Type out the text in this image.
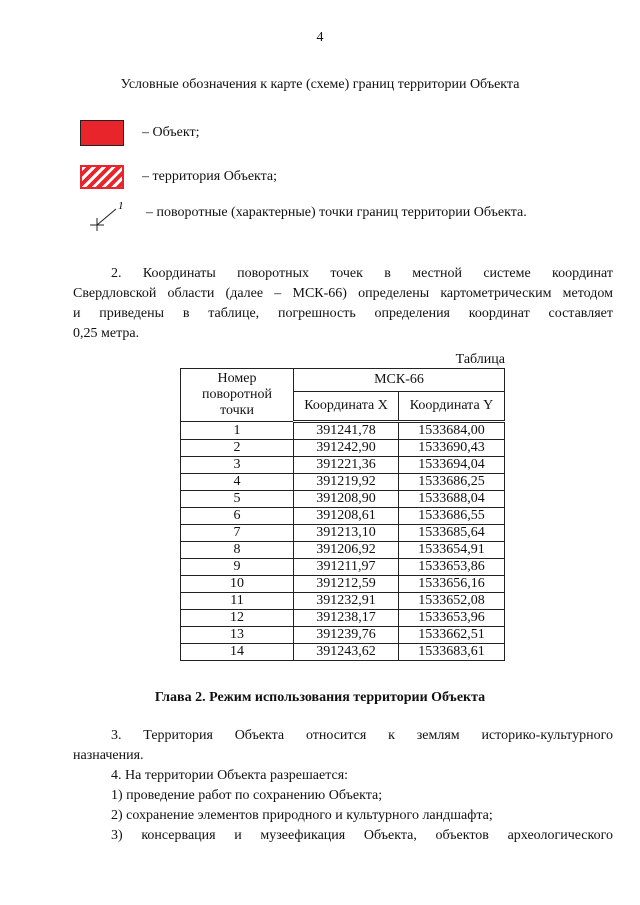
4
Условные обозначения к карте (схеме) границ территории Объекта
– Объект;
– территория Объекта;
1 – поворотные (характерные) точки границ территории Объекта.

2. Координаты поворотных точек в местной системе координат

Свердловской области (далее – МСК-66) определены картометрическим методом

и приведены в таблице, погрешность определения координат составляет

0,25 метра.

Таблица
Номер поворотной точки	МСК-66	
	Координата X	Координата Y
1	391241,78	1533684,00
2	391242,90	1533690,43
3	391221,36	1533694,04
4	391219,92	1533686,25
5	391208,90	1533688,04
6	391208,61	1533686,55
7	391213,10	1533685,64
8	391206,92	1533654,91
9	391211,97	1533653,86
10	391212,59	1533656,16
11	391232,91	1533652,08
12	391238,17	1533653,96
13	391239,76	1533662,51
14	391243,62	1533683,61
Глава 2. Режим использования территории Объекта

3. Территория Объекта относится к землям историко-культурного

назначения.

4. На территории Объекта разрешается:

1) проведение работ по сохранению Объекта;

2) сохранение элементов природного и культурного ландшафта;

3) консервация и музеефикация Объекта, объектов археологического
